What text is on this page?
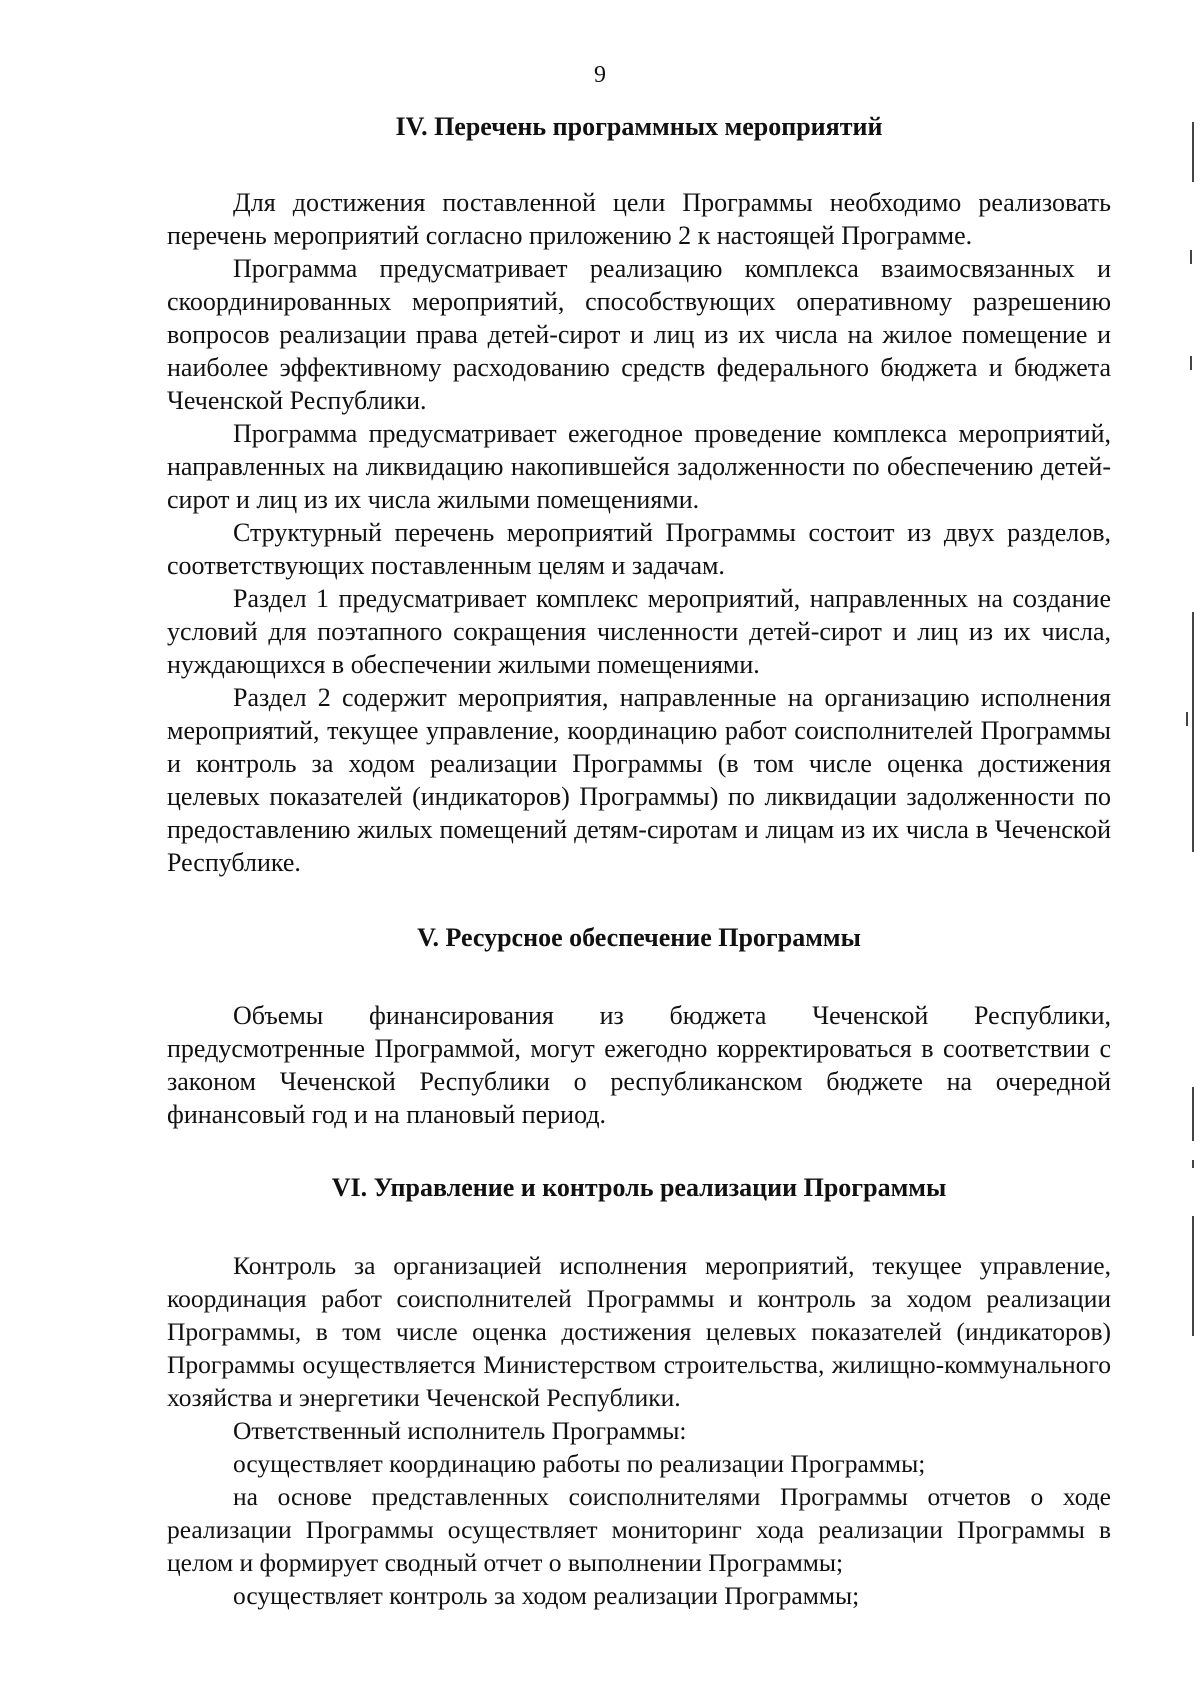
9
IV. Перечень программных мероприятий

Для достижения поставленной цели Программы необходимо реализовать перечень мероприятий согласно приложению 2 к настоящей Программе.

Программа предусматривает реализацию комплекса взаимосвязанных и скоординированных мероприятий, способствующих оперативному разрешению вопросов реализации права детей-сирот и лиц из их числа на жилое помещение и наиболее эффективному расходованию средств федерального бюджета и бюджета Чеченской Республики.

Программа предусматривает ежегодное проведение комплекса мероприятий, направленных на ликвидацию накопившейся задолженности по обеспечению детей-сирот и лиц из их числа жилыми помещениями.

Структурный перечень мероприятий Программы состоит из двух разделов, соответствующих поставленным целям и задачам.

Раздел 1 предусматривает комплекс мероприятий, направленных на создание условий для поэтапного сокращения численности детей-сирот и лиц из их числа, нуждающихся в обеспечении жилыми помещениями.

Раздел 2 содержит мероприятия, направленные на организацию исполнения мероприятий, текущее управление, координацию работ соисполнителей Программы и контроль за ходом реализации Программы (в том числе оценка достижения целевых показателей (индикаторов) Программы) по ликвидации задолженности по предоставлению жилых помещений детям-сиротам и лицам из их числа в Чеченской Республике.

V. Ресурсное обеспечение Программы

Объемы финансирования из бюджета Чеченской Республики, предусмотренные Программой, могут ежегодно корректироваться в соответствии с законом Чеченской Республики о республиканском бюджете на очередной финансовый год и на плановый период.

VI. Управление и контроль реализации Программы

Контроль за организацией исполнения мероприятий, текущее управление, координация работ соисполнителей Программы и контроль за ходом реализации Программы, в том числе оценка достижения целевых показателей (индикаторов) Программы осуществляется Министерством строительства, жилищно-коммунального хозяйства и энергетики Чеченской Республики.

Ответственный исполнитель Программы:

осуществляет координацию работы по реализации Программы;

на основе представленных соисполнителями Программы отчетов о ходе реализации Программы осуществляет мониторинг хода реализации Программы в целом и формирует сводный отчет о выполнении Программы;

осуществляет контроль за ходом реализации Программы;
